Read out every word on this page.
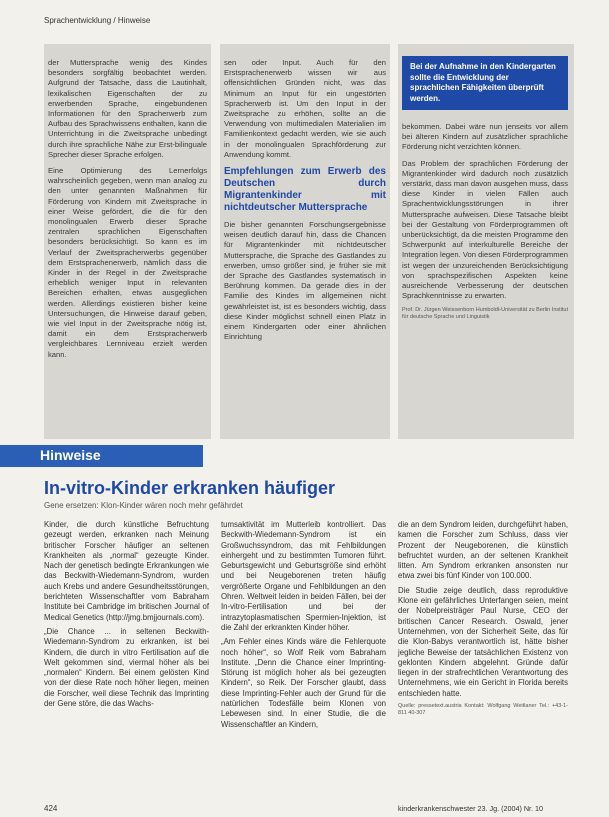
Sprachentwicklung / Hinweise

der Muttersprache wenig des Kindes besonders sorgfältig beobachtet werden. Aufgrund der Tatsache, dass die Lautinhalt, lexikalischen Eigenschaften der zu erwerbenden Sprache, eingebundenen Informationen für den Spracherwerb zum Aufbau des Sprachwissens enthalten, kann die Unterrichtung in die Zweitsprache unbedingt durch ihre sprachliche Nähe zur Erst-bilinguale Sprecher dieser Sprache erfolgen.

Eine Optimierung des Lernerfolgs wahrscheinlich gegeben, wenn man analog zu den unter genannten Maßnahmen für Förderung von Kindern mit Zweitsprache in einer Weise gefördert, die die für den monolingualen Erwerb dieser Sprache zentralen sprachlichen Eigenschaften besonders berücksichtigt. So kann es im Verlauf der Zweitspracherwerbs gegenüber dem Erstsprachenerwerb, nämlich dass die Kinder in der Regel in der Zweitsprache erheblich weniger Input in relevanten Bereichen erhalten, etwas ausgeglichen werden. Allerdings existieren bisher keine Untersuchungen, die Hinweise darauf geben, wie viel Input in der Zweitsprache nötig ist, damit ein dem Erstspracherwerb vergleichbares Lernniveau erzielt werden kann.

sen oder Input. Auch für den Erstsprachenerwerb wissen wir aus offensichtlichen Gründen nicht, was das Minimum an Input für ein ungestörten Spracherwerb ist. Um den Input in der Zweitsprache zu erhöhen, sollte an die Verwendung von multimedialen Materialien im Familienkontext gedacht werden, wie sie auch in der monolingualen Sprachförderung zur Anwendung kommt.

Empfehlungen zum Erwerb des Deutschen durch Migrantenkinder mit nichtdeutscher Muttersprache

Die bisher genannten Forschungsergebnisse weisen deutlich darauf hin, dass die Chancen für Migrantenkinder mit nichtdeutscher Muttersprache, die Sprache des Gastlandes zu erwerben, umso größer sind, je früher sie mit der Sprache des Gastlandes systematisch in Berührung kommen. Da gerade dies in der Familie des Kindes im allgemeinen nicht gewährleistet ist, ist es besonders wichtig, dass diese Kinder möglichst schnell einen Platz in einem Kindergarten oder einer ähnlichen Einrichtung

Bei der Aufnahme in den Kindergarten sollte die Entwicklung der sprachlichen Fähigkeiten überprüft werden.

bekommen. Dabei wäre nun jenseits vor allem bei älteren Kindern auf zusätzlicher sprachliche Förderung nicht verzichten können.

Das Problem der sprachlichen Förderung der Migrantenkinder wird dadurch noch zusätzlich verstärkt, dass man davon ausgehen muss, dass diese Kinder in vielen Fällen auch Sprachentwicklungsstörungen in ihrer Muttersprache aufweisen. Diese Tatsache bleibt bei der Gestaltung von Förderprogrammen oft unberücksichtigt, da die meisten Programme den Schwerpunkt auf interkulturelle Bereiche der Integration legen. Von diesen Förderprogrammen ist wegen der unzureichenden Berücksichtigung von sprachspezifischen Aspekten keine ausreichende Verbesserung der deutschen Sprachkenntnisse zu erwarten.

Prof. Dr. Jürgen Weissenborn Humboldt-Universität zu Berlin Institut für deutsche Sprache und Linguistik

Hinweise
In-vitro-Kinder erkranken häufiger
Gene ersetzen: Klon-Kinder wären noch mehr gefährdet

Kinder, die durch künstliche Befruchtung gezeugt werden, erkranken nach Meinung britischer Forscher häufiger an seltenen Krankheiten als „normal“ gezeugte Kinder. Nach der genetisch bedingte Erkrankungen wie das Beckwith-Wiedemann-Syndrom, wurden auch Krebs und andere Gesundheitsstörungen, berichteten Wissenschaftler vom Babraham Institute bei Cambridge im britischen Journal of Medical Genetics (http://jmg.bmjjournals.com).

„Die Chance ... in seltenen Beckwith-Wiedemann-Syndrom zu erkranken, ist bei Kindern, die durch in vitro Fertilisation auf die Welt gekommen sind, viermal höher als bei „normalen“ Kindern. Bei einem gelösten Kind von der diese Rate noch höher liegen, meinen die Forscher, weil diese Technik das Imprinting der Gene störe, die das Wachs-

tumsaktivität im Mutterleib kontrolliert. Das Beckwith-Wiedemann-Syndrom ist ein Großwuchssyndrom, das mit Fehlbildungen einhergeht und zu bestimmten Tumoren führt. Geburtsgewicht und Geburtsgröße sind erhöht und bei Neugeborenen treten häufig vergrößerte Organe und Fehlbildungen an den Ohren. Weltweit leiden in beiden Fällen, bei der In-vitro-Fertilisation und bei der intrazytoplasmatischen Spermien-Injektion, ist die Zahl der erkrankten Kinder höher.

„Am Fehler eines Kinds wäre die Fehlerquote noch höher“, so Wolf Reik vom Babraham Institute. „Denn die Chance einer Imprinting-Störung ist möglich hoher als bei gezeugten Kindern“, so Reik. Der Forscher glaubt, dass diese Imprinting-Fehler auch der Grund für die natürlichen Todesfälle beim Klonen von Lebewesen sind. In einer Studie, die die Wissenschaftler an Kindern,

die an dem Syndrom leiden, durchgeführt haben, kamen die Forscher zum Schluss, dass vier Prozent der Neugeborenen, die künstlich befruchtet wurden, an der seltenen Krankheit litten. Am Syndrom erkranken ansonsten nur etwa zwei bis fünf Kinder von 100.000.

Die Studie zeige deutlich, dass reproduktive Klone ein gefährliches Unterfangen seien, meint der Nobelpreisträger Paul Nurse, CEO der britischen Cancer Research. Oswald, jener Unternehmen, von der Sicherheit Seite, das für die Klon-Babys verantwortlich ist, hätte bisher jegliche Beweise der tatsächlichen Existenz von geklonten Kindern abgelehnt. Gründe dafür liegen in der strafrechtlichen Verantwortung des Unternehmens, wie ein Gericht in Florida bereits entschieden hatte.

Quelle: pressetext.austria Kontakt: Wolfgang Weitlaner Tel.: +43-1-811 40-307

424	kinderkrankenschwester 23. Jg. (2004) Nr. 10
